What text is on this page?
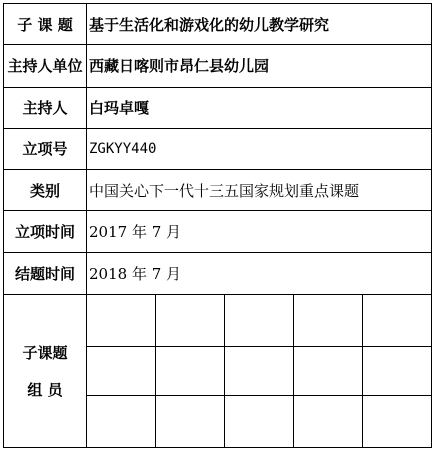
子 课 题	基于生活化和游戏化的幼儿教学研究				
主持人单位	西藏日喀则市昂仁县幼儿园				
主持人	白玛卓嘎				
立项号	ZGKYY440				
类别	中国关心下一代十三五国家规划重点课题				
立项时间	2017 年 7 月				
结题时间	2018 年 7 月				

子课题
组 员					
